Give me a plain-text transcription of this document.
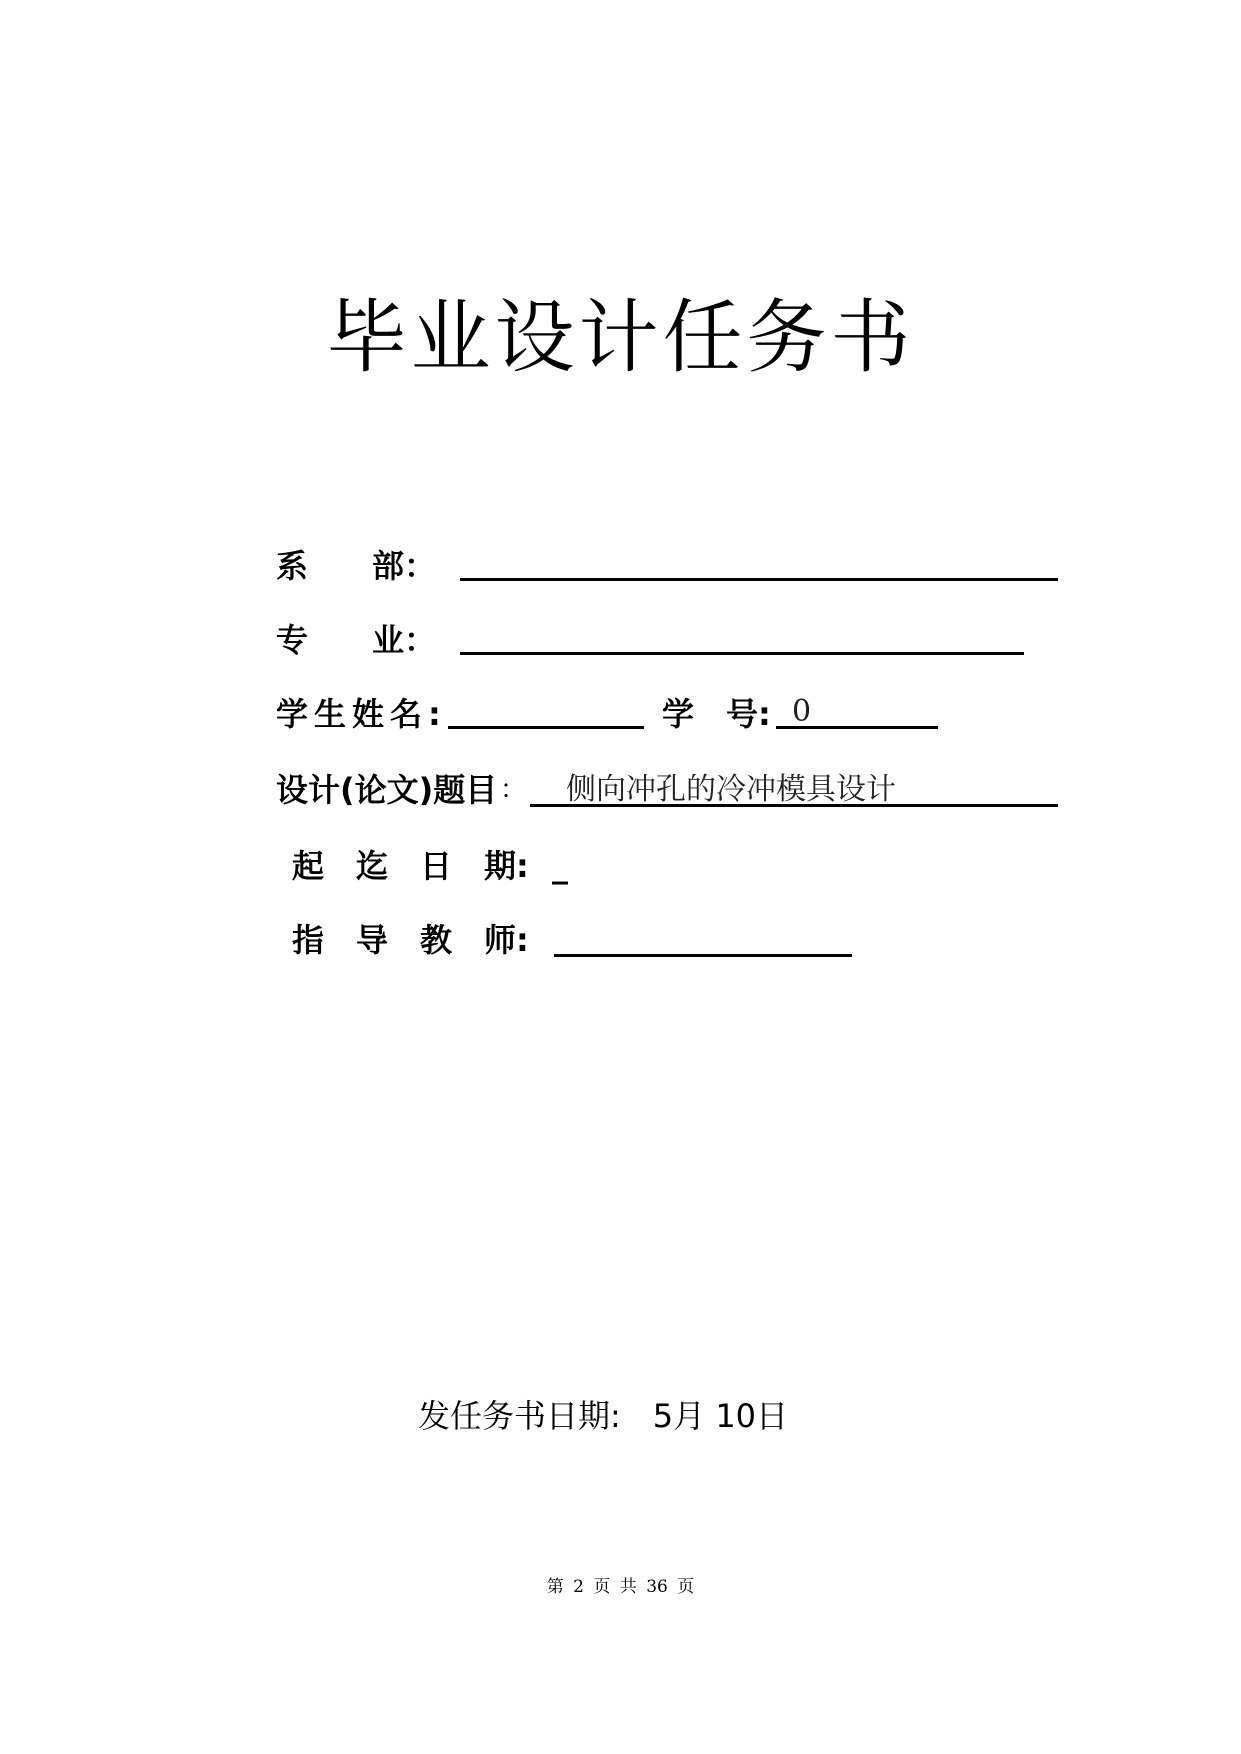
毕业设计任务书
系　　部：
专　　业：
学生姓名:	学　号: 0
设计(论文)题目 ： 侧向冲孔的冷冲模具设计
起　迄　日　期: _
指　导　教　师:
发任务书日期:　5月 10日
第 2 页 共 36 页
